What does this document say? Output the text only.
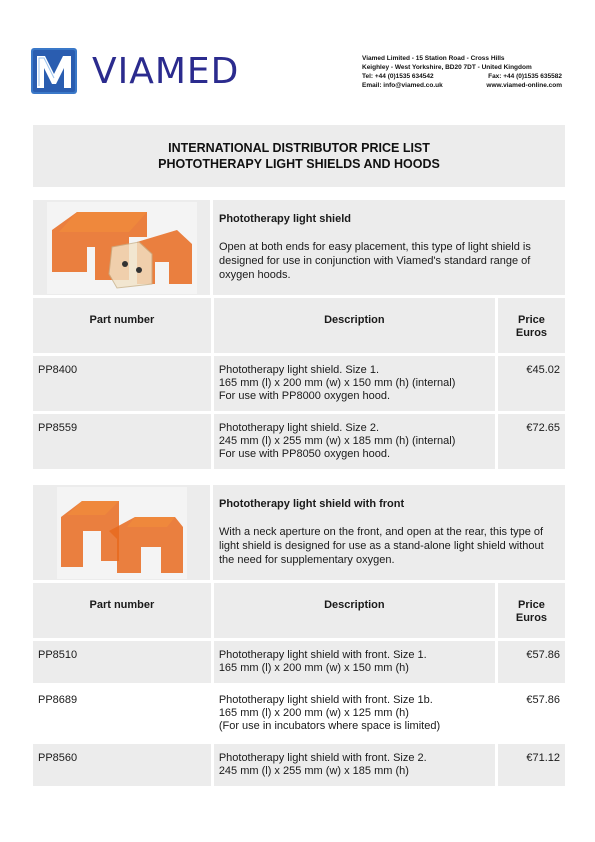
VIAMED	Viamed Limited - 15 Station Road - Cross Hills
Keighley - West Yorkshire, BD20 7DT - United Kingdom
Tel: +44 (0)1535 634542	Fax: +44 (0)1535 635582
Email: info@viamed.co.uk	www.viamed-online.com
INTERNATIONAL DISTRIBUTOR PRICE LIST
PHOTOTHERAPY LIGHT SHIELDS AND HOODS
Phototherapy light shield
Open at both ends for easy placement, this type of light shield is designed for use in conjunction with Viamed's standard range of oxygen hoods.
Part number	Description	Price
Euros
PP8400	Phototherapy light shield. Size 1.
165 mm (l) x 200 mm (w) x 150 mm (h) (internal)
For use with PP8000 oxygen hood.	€45.02
PP8559	Phototherapy light shield. Size 2.
245 mm (l) x 255 mm (w) x 185 mm (h) (internal)
For use with PP8050 oxygen hood.	€72.65
Phototherapy light shield with front
With a neck aperture on the front, and open at the rear, this type of light shield is designed for use as a stand-alone light shield without the need for supplementary oxygen.
Part number	Description	Price
Euros
PP8510	Phototherapy light shield with front. Size 1.
165 mm (l) x 200 mm (w) x 150 mm (h)	€57.86
PP8689	Phototherapy light shield with front. Size 1b.
165 mm (l) x 200 mm (w) x 125 mm (h)
(For use in incubators where space is limited)	€57.86
PP8560	Phototherapy light shield with front. Size 2.
245 mm (l) x 255 mm (w) x 185 mm (h)	€71.12
